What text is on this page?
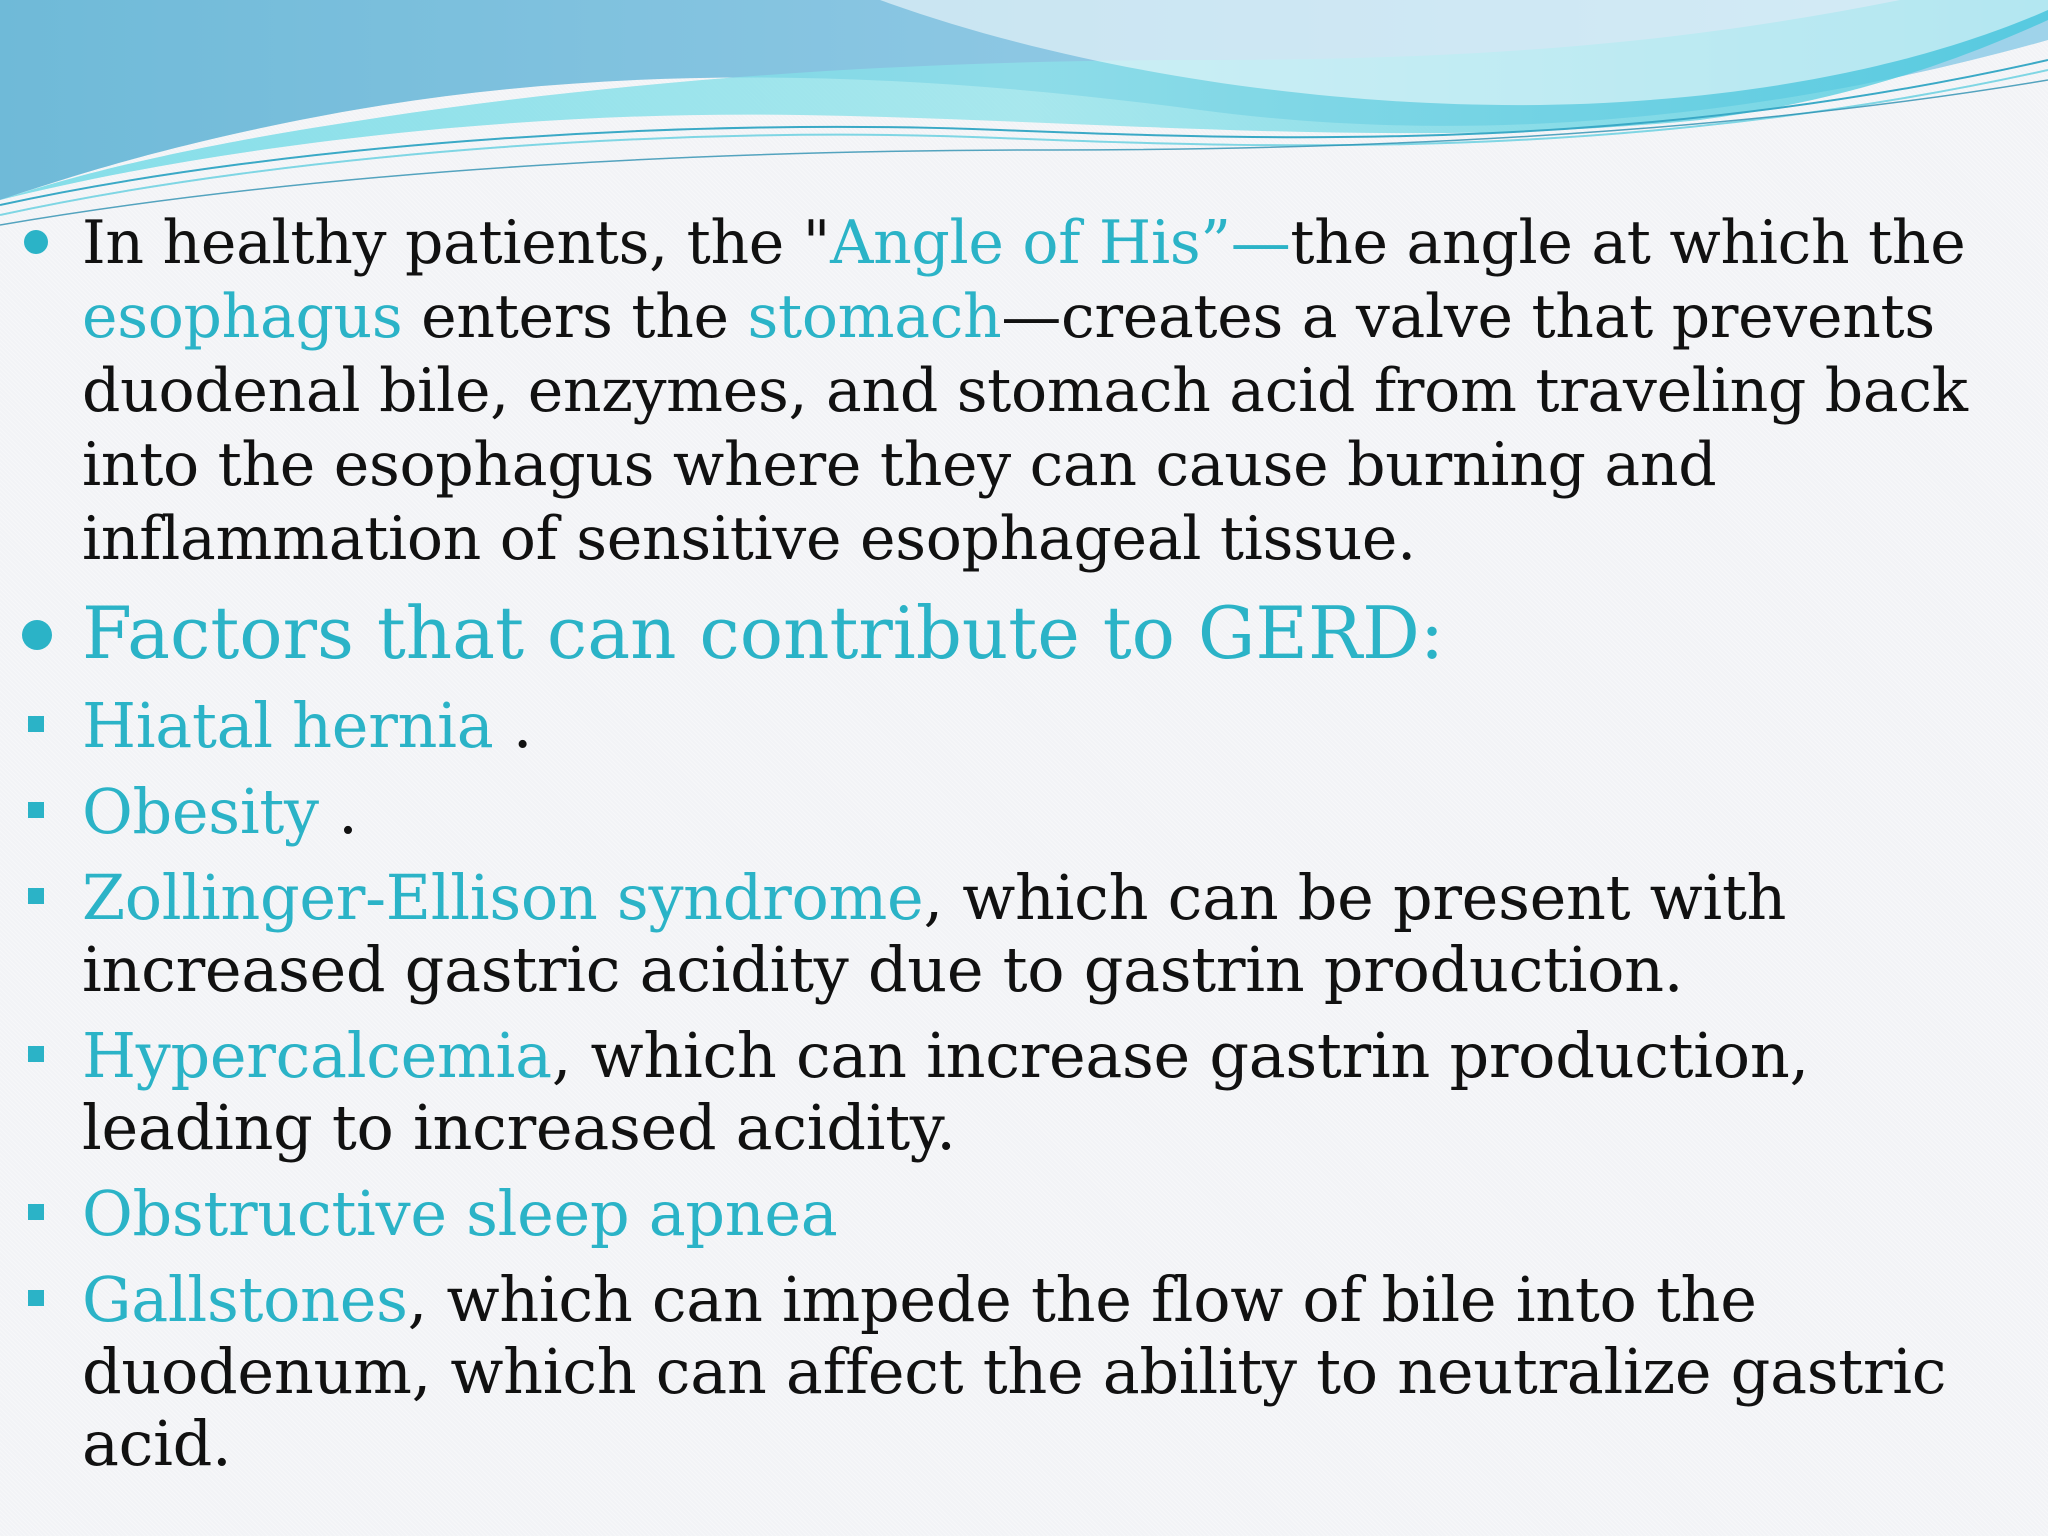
In healthy patients, the "Angle of His”—the angle at which the esophagus enters the stomach—creates a valve that prevents duodenal bile, enzymes, and stomach acid from traveling back into the esophagus where they can cause burning and inflammation of sensitive esophageal tissue.
Factors that can contribute to GERD:
Hiatal hernia .
Obesity .
Zollinger-Ellison syndrome, which can be present with increased gastric acidity due to gastrin production.
Hypercalcemia, which can increase gastrin production, leading to increased acidity.
Obstructive sleep apnea
Gallstones, which can impede the flow of bile into the duodenum, which can affect the ability to neutralize gastric acid.
